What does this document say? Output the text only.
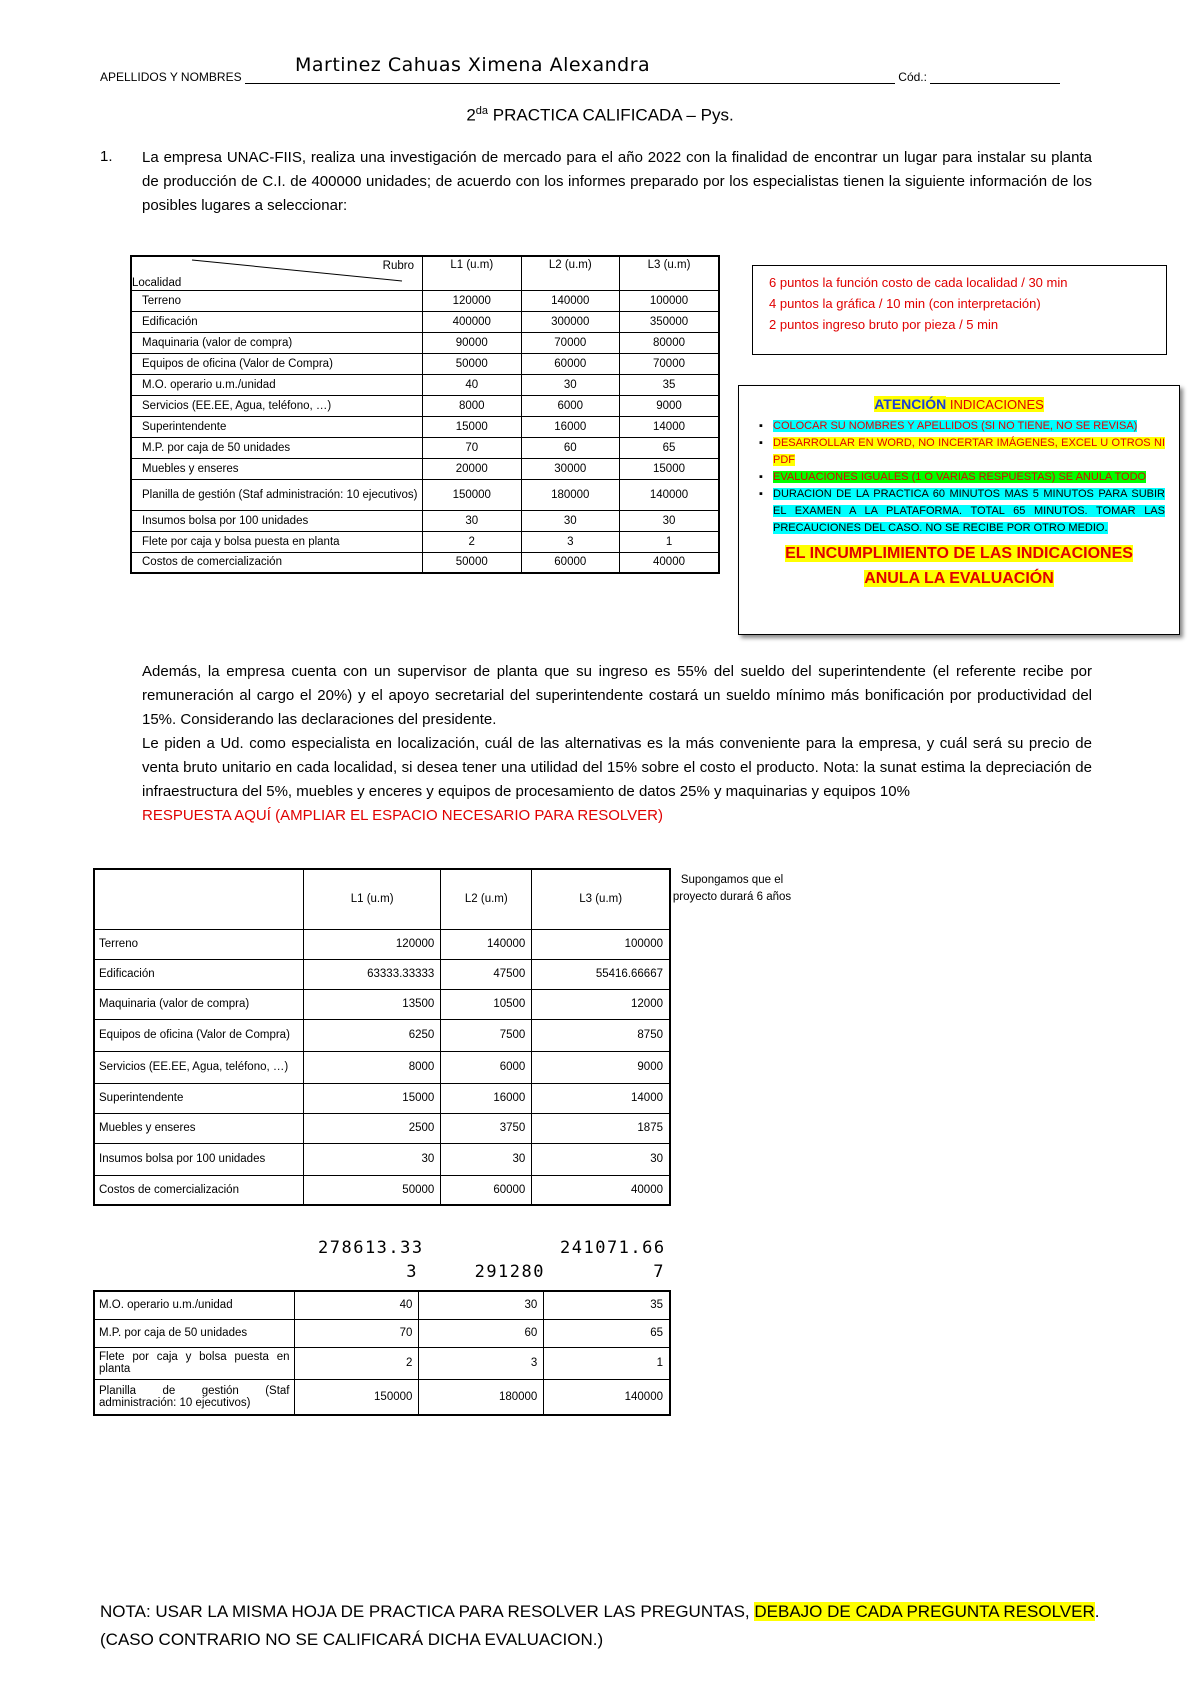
Martinez Cahuas Ximena Alexandra
APELLIDOS Y NOMBRES	Cód.:
$2^{da}$ PRACTICA CALIFICADA – Pys.
1. La empresa UNAC-FIIS, realiza una investigación de mercado para el año 2022 con la finalidad de encontrar un lugar para instalar su planta de producción de C.I. de 400000 unidades; de acuerdo con los informes preparado por los especialistas tienen la siguiente información de los posibles lugares a seleccionar:
Rubro
Localidad	L1 (u.m)	L2 (u.m)	L3 (u.m)
Terreno	120000	140000	100000
Edificación	400000	300000	350000
Maquinaria (valor de compra)	90000	70000	80000
Equipos de oficina (Valor de Compra)	50000	60000	70000
M.O. operario u.m./unidad	40	30	35
Servicios (EE.EE, Agua, teléfono, …)	8000	6000	9000
Superintendente	15000	16000	14000
M.P. por caja de 50 unidades	70	60	65
Muebles y enseres	20000	30000	15000
Planilla de gestión (Staf administración: 10 ejecutivos)	150000	180000	140000
Insumos bolsa por 100 unidades	30	30	30
Flete por caja y bolsa puesta en planta	2	3	1
Costos de comercialización	50000	60000	40000
6 puntos la función costo de cada localidad / 30 min
4 puntos la gráfica / 10 min (con interpretación)
2 puntos ingreso bruto por pieza / 5 min
ATENCIÓN INDICACIONES
▪ COLOCAR SU NOMBRES Y APELLIDOS (SI NO TIENE, NO SE REVISA)
▪ DESARROLLAR EN WORD, NO INCERTAR IMÁGENES, EXCEL U OTROS NI PDF
▪ EVALUACIONES IGUALES (1 O VARIAS RESPUESTAS) SE ANULA TODO
▪ DURACION DE LA PRACTICA 60 MINUTOS MAS 5 MINUTOS PARA SUBIR EL EXAMEN A LA PLATAFORMA. TOTAL 65 MINUTOS. TOMAR LAS PRECAUCIONES DEL CASO. NO SE RECIBE POR OTRO MEDIO.
EL INCUMPLIMIENTO DE LAS INDICACIONES
ANULA LA EVALUACIÓN
Además, la empresa cuenta con un supervisor de planta que su ingreso es 55% del sueldo del superintendente (el referente recibe por remuneración al cargo el 20%) y el apoyo secretarial del superintendente costará un sueldo mínimo más bonificación por productividad del 15%. Considerando las declaraciones del presidente.
Le piden a Ud. como especialista en localización, cuál de las alternativas es la más conveniente para la empresa, y cuál será su precio de venta bruto unitario en cada localidad, si desea tener una utilidad del 15% sobre el costo el producto. Nota: la sunat estima la depreciación de infraestructura del 5%, muebles y enceres y equipos de procesamiento de datos 25% y maquinarias y equipos 10%
RESPUESTA AQUÍ (AMPLIAR EL ESPACIO NECESARIO PARA RESOLVER)
Supongamos que el proyecto durará 6 años
	L1 (u.m)	L2 (u.m)	L3 (u.m)
Terreno	120000	140000	100000
Edificación	63333.33333	47500	55416.66667
Maquinaria (valor de compra)	13500	10500	12000
Equipos de oficina (Valor de Compra)	6250	7500	8750
Servicios (EE.EE, Agua, teléfono, …)	8000	6000	9000
Superintendente	15000	16000	14000
Muebles y enseres	2500	3750	1875
Insumos bolsa por 100 unidades	30	30	30
Costos de comercialización	50000	60000	40000
278613.33
3	291280
241071.66
7
M.O. operario u.m./unidad	40	30	35
M.P. por caja de 50 unidades	70	60	65
Flete por caja y bolsa puesta en planta	2	3	1
Planilla de gestión (Staf administración: 10 ejecutivos)	150000	180000	140000
NOTA: USAR LA MISMA HOJA DE PRACTICA PARA RESOLVER LAS PREGUNTAS, DEBAJO DE CADA PREGUNTA RESOLVER. (CASO CONTRARIO NO SE CALIFICARÁ DICHA EVALUACION.)
